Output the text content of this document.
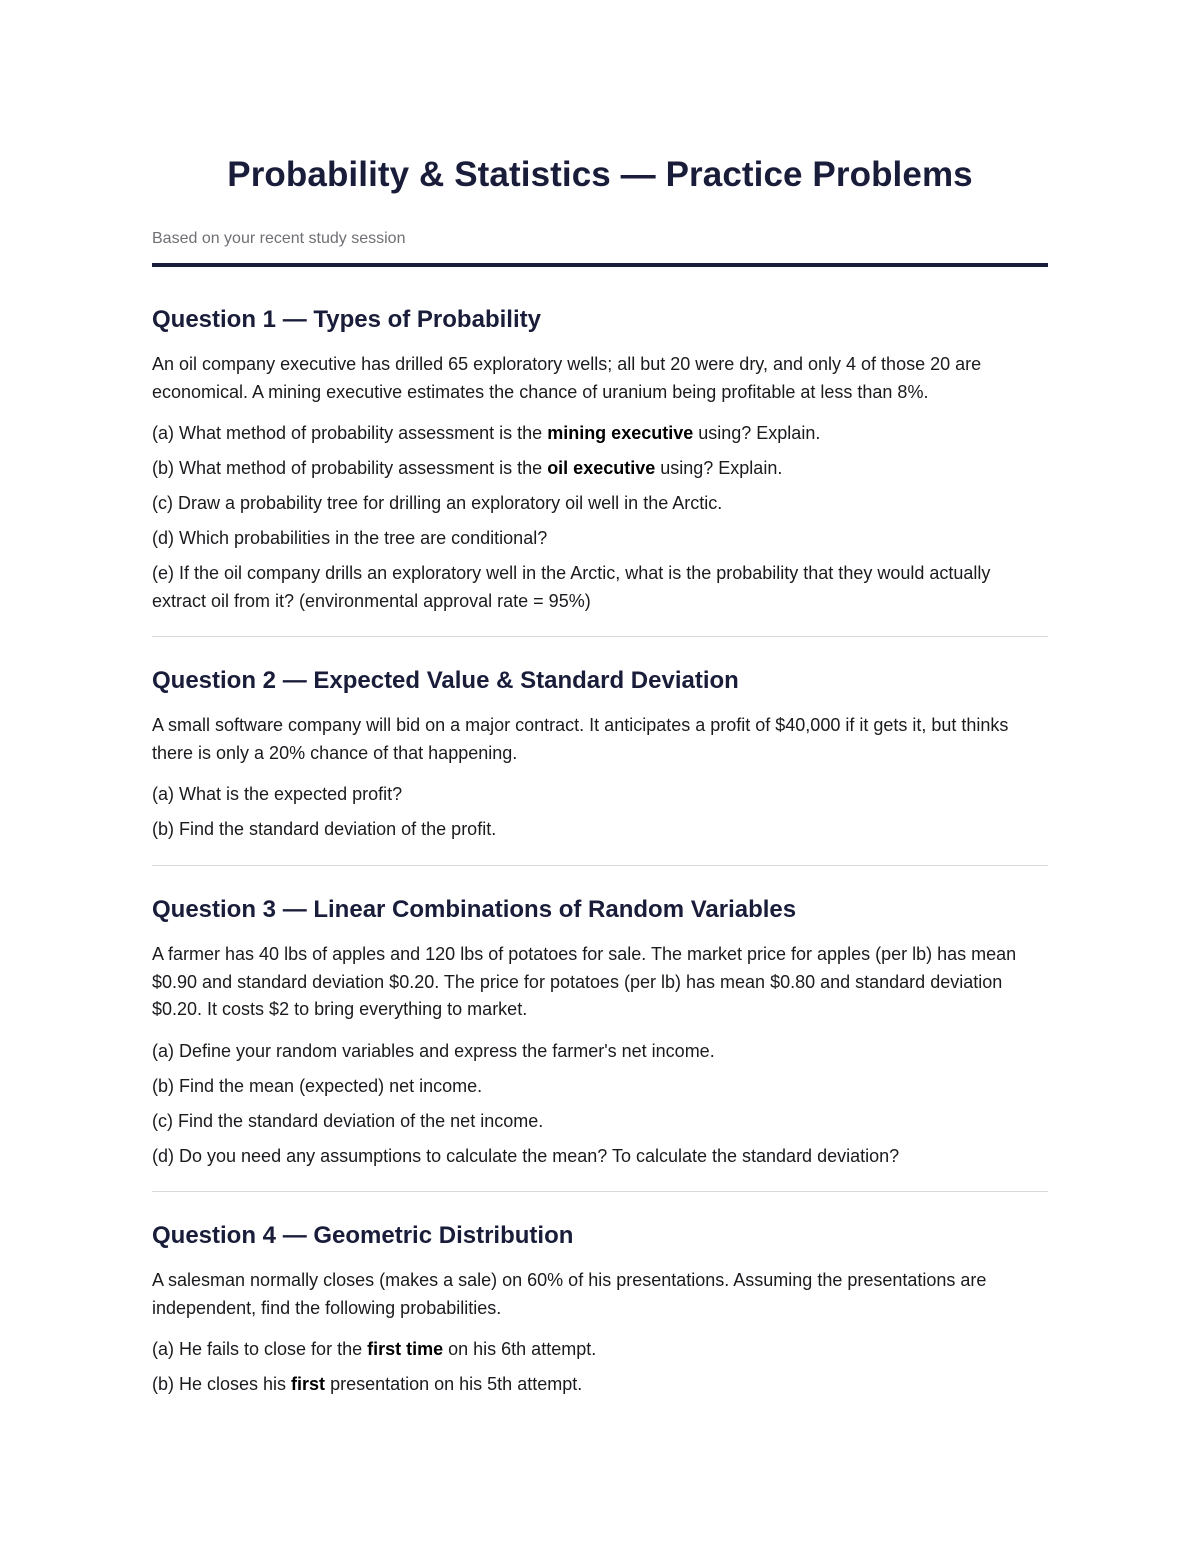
Probability & Statistics — Practice Problems

Based on your recent study session

Question 1 — Types of Probability

An oil company executive has drilled 65 exploratory wells; all but 20 were dry, and only 4 of those 20 are economical. A mining executive estimates the chance of uranium being profitable at less than 8%.

(a) What method of probability assessment is the mining executive using? Explain.
(b) What method of probability assessment is the oil executive using? Explain.
(c) Draw a probability tree for drilling an exploratory oil well in the Arctic.
(d) Which probabilities in the tree are conditional?
(e) If the oil company drills an exploratory well in the Arctic, what is the probability that they would actually extract oil from it? (environmental approval rate = 95%)
Question 2 — Expected Value & Standard Deviation

A small software company will bid on a major contract. It anticipates a profit of $40,000 if it gets it, but thinks there is only a 20% chance of that happening.

(a) What is the expected profit?
(b) Find the standard deviation of the profit.
Question 3 — Linear Combinations of Random Variables

A farmer has 40 lbs of apples and 120 lbs of potatoes for sale. The market price for apples (per lb) has mean $0.90 and standard deviation $0.20. The price for potatoes (per lb) has mean $0.80 and standard deviation $0.20. It costs $2 to bring everything to market.

(a) Define your random variables and express the farmer's net income.
(b) Find the mean (expected) net income.
(c) Find the standard deviation of the net income.
(d) Do you need any assumptions to calculate the mean? To calculate the standard deviation?
Question 4 — Geometric Distribution

A salesman normally closes (makes a sale) on 60% of his presentations. Assuming the presentations are independent, find the following probabilities.

(a) He fails to close for the first time on his 6th attempt.
(b) He closes his first presentation on his 5th attempt.
